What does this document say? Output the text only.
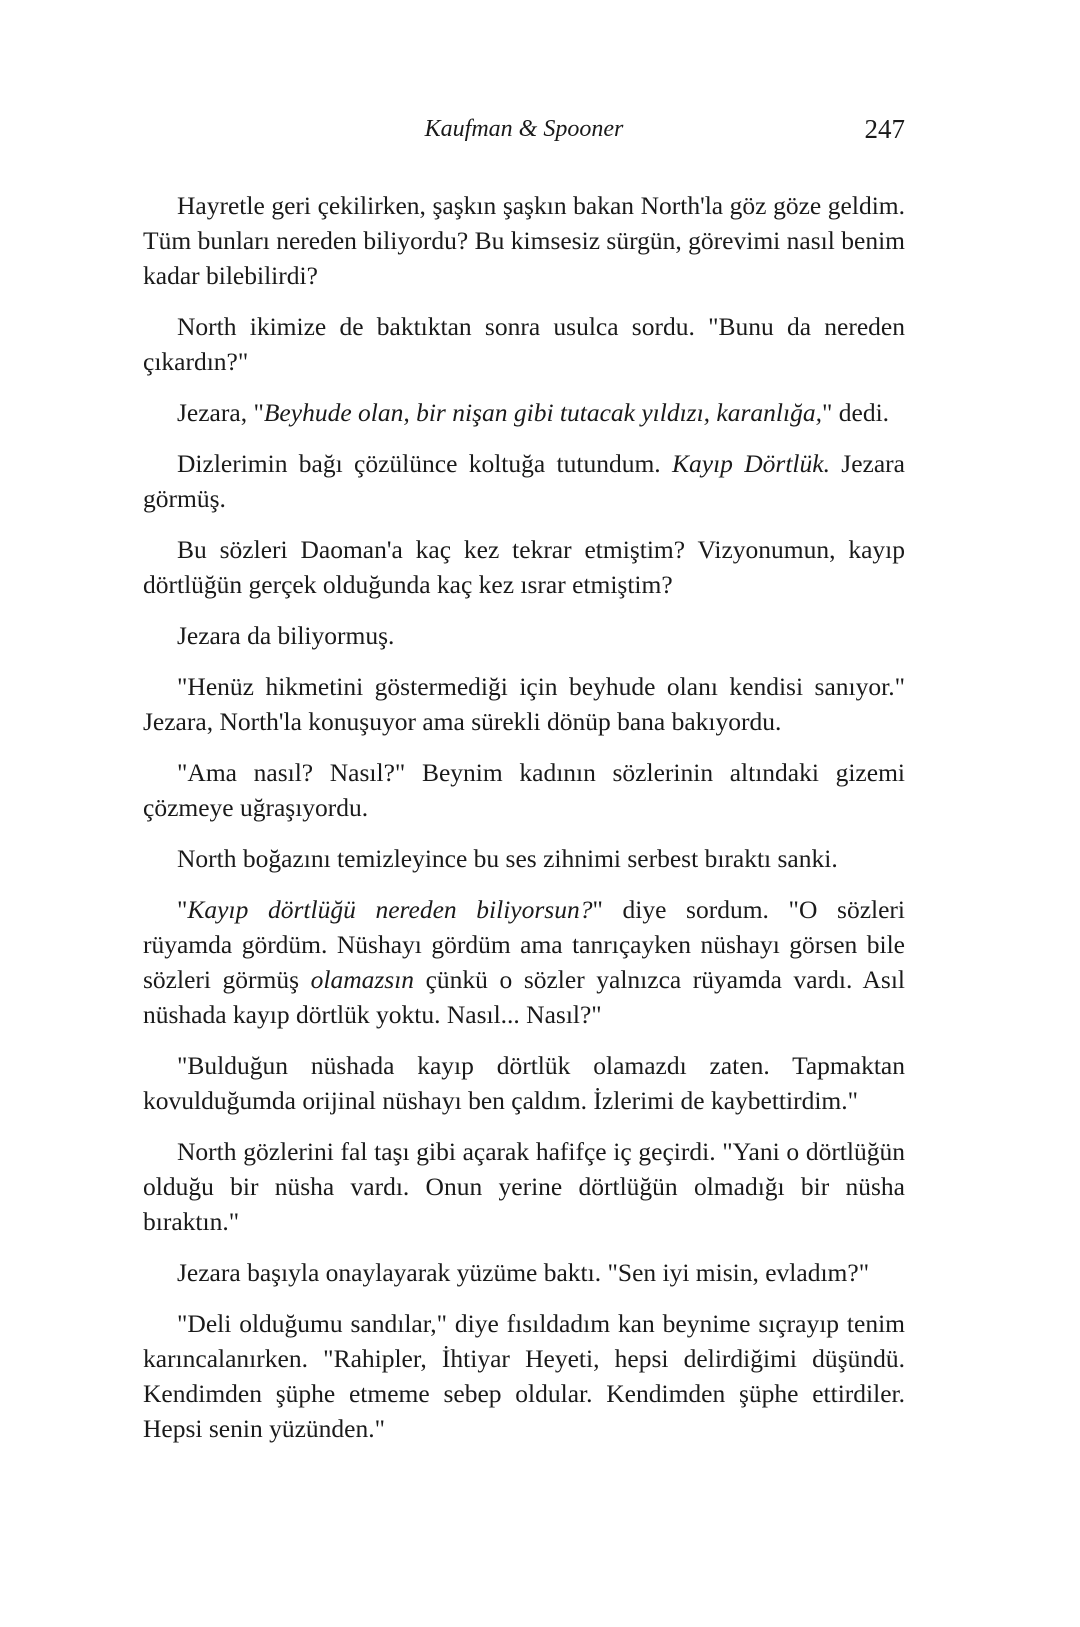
Kaufman & Spooner	247

Hayretle geri çekilirken, şaşkın şaşkın bakan North'la göz göze geldim. Tüm bunları nereden biliyordu? Bu kimsesiz sürgün, görevimi nasıl benim kadar bilebilirdi?

North ikimize de baktıktan sonra usulca sordu. "Bunu da nereden çıkardın?"

Jezara, "Beyhude olan, bir nişan gibi tutacak yıldızı, karanlığa," dedi.

Dizlerimin bağı çözülünce koltuğa tutundum. Kayıp Dörtlük. Jezara görmüş.

Bu sözleri Daoman'a kaç kez tekrar etmiştim? Vizyonumun, kayıp dörtlüğün gerçek olduğunda kaç kez ısrar etmiştim?

Jezara da biliyormuş.

"Henüz hikmetini göstermediği için beyhude olanı kendisi sanıyor." Jezara, North'la konuşuyor ama sürekli dönüp bana bakıyordu.

"Ama nasıl? Nasıl?" Beynim kadının sözlerinin altındaki gizemi çözmeye uğraşıyordu.

North boğazını temizleyince bu ses zihnimi serbest bıraktı sanki.

"Kayıp dörtlüğü nereden biliyorsun?" diye sordum. "O sözleri rüyamda gördüm. Nüshayı gördüm ama tanrıçayken nüshayı görsen bile sözleri görmüş olamazsın çünkü o sözler yalnızca rüyamda vardı. Asıl nüshada kayıp dörtlük yoktu. Nasıl... Nasıl?"

"Bulduğun nüshada kayıp dörtlük olamazdı zaten. Tapmaktan kovulduğumda orijinal nüshayı ben çaldım. İzlerimi de kaybettirdim."

North gözlerini fal taşı gibi açarak hafifçe iç geçirdi. "Yani o dörtlüğün olduğu bir nüsha vardı. Onun yerine dörtlüğün olmadığı bir nüsha bıraktın."

Jezara başıyla onaylayarak yüzüme baktı. "Sen iyi misin, evladım?"

"Deli olduğumu sandılar," diye fısıldadım kan beynime sıçrayıp tenim karıncalanırken. "Rahipler, İhtiyar Heyeti, hepsi delirdiğimi düşündü. Kendimden şüphe etmeme sebep oldular. Kendimden şüphe ettirdiler. Hepsi senin yüzünden."
